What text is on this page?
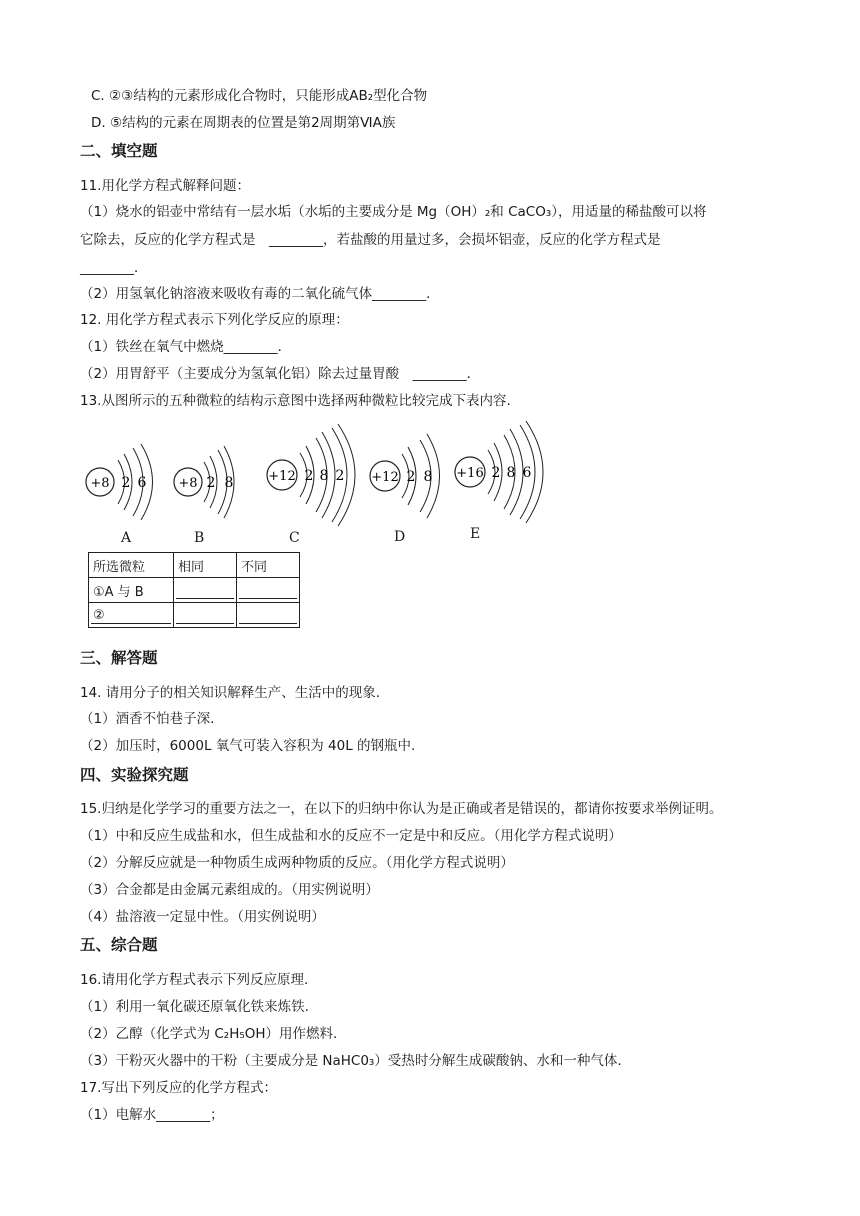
C. ②③结构的元素形成化合物时，只能形成AB₂型化合物
D. ⑤结构的元素在周期表的位置是第2周期第ⅥA族
二、填空题
11.用化学方程式解释问题：
（1）烧水的铝壶中常结有一层水垢（水垢的主要成分是 Mg（OH）₂和 CaCO₃），用适量的稀盐酸可以将
它除去，反应的化学方程式是　________，若盐酸的用量过多，会损坏铝壶，反应的化学方程式是
________．
（2）用氢氧化钠溶液来吸收有毒的二氧化硫气体________．
12. 用化学方程式表示下列化学反应的原理：
（1）铁丝在氧气中燃烧________．
（2）用胃舒平（主要成分为氢氧化铝）除去过量胃酸　________．
13.从图所示的五种微粒的结构示意图中选择两种微粒比较完成下表内容.
+8 2 6 +8 2 8	+12 2 8 2 +12 2 8 +16 2 8 6
A	B	C	D	E
所选微粒	相同	不同
①A 与 B		
②		
三、解答题
14. 请用分子的相关知识解释生产、生活中的现象.
（1）酒香不怕巷子深.
（2）加压时，6000L 氧气可装入容积为 40L 的钢瓶中.
四、实验探究题
15.归纳是化学学习的重要方法之一，在以下的归纳中你认为是正确或者是错误的，都请你按要求举例证明。
（1）中和反应生成盐和水，但生成盐和水的反应不一定是中和反应。（用化学方程式说明）
（2）分解反应就是一种物质生成两种物质的反应。（用化学方程式说明）
（3）合金都是由金属元素组成的。（用实例说明）
（4）盐溶液一定显中性。（用实例说明）
五、综合题
16.请用化学方程式表示下列反应原理.
（1）利用一氧化碳还原氧化铁来炼铁.
（2）乙醇（化学式为 C₂H₅OH）用作燃料.
（3）干粉灭火器中的干粉（主要成分是 NaHC0₃）受热时分解生成碳酸钠、水和一种气体.
17.写出下列反应的化学方程式：
（1）电解水________；
